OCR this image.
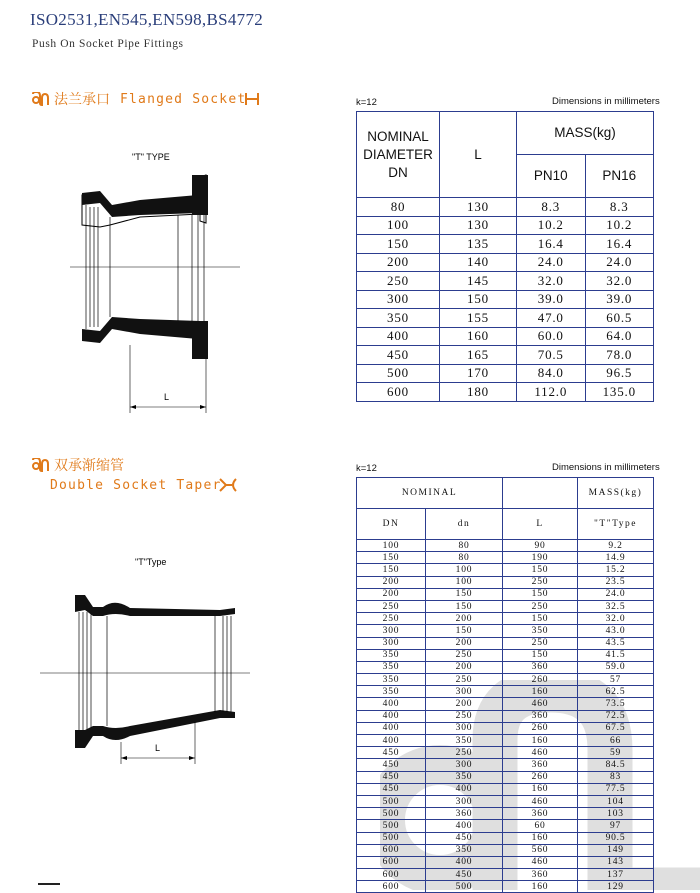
ISO2531,EN545,EN598,BS4772
Push On Socket Pipe Fittings
法兰承口 Flanged Socket
"T" TYPE
L
k=12	Dimensions in millimeters
NOMINAL
DIAMETER
DN	L	MASS(kg)	
		PN10	PN16
80	130	8.3	8.3
100	130	10.2	10.2
150	135	16.4	16.4
200	140	24.0	24.0
250	145	32.0	32.0
300	150	39.0	39.0
350	155	47.0	60.5
400	160	60.0	64.0
450	165	70.5	78.0
500	170	84.0	96.5
600	180	112.0	135.0
双承渐缩管
Double Socket Taper
"T"Type
L
k=12	Dimensions in millimeters
NOMINAL			MASS(kg)
DN	dn	L	"T"Type
100	80	90	9.2
150	80	190	14.9
150	100	150	15.2
200	100	250	23.5
200	150	150	24.0
250	150	250	32.5
250	200	150	32.0
300	150	350	43.0
300	200	250	43.5
350	250	150	41.5
350	200	360	59.0
350	250	260	57
350	300	160	62.5
400	200	460	73.5
400	250	360	72.5
400	300	260	67.5
400	350	160	66
450	250	460	59
450	300	360	84.5
450	350	260	83
450	400	160	77.5
500	300	460	104
500	360	360	103
500	400	60	97
500	450	160	90.5
600	350	560	149
600	400	460	143
600	450	360	137
600	500	160	129
